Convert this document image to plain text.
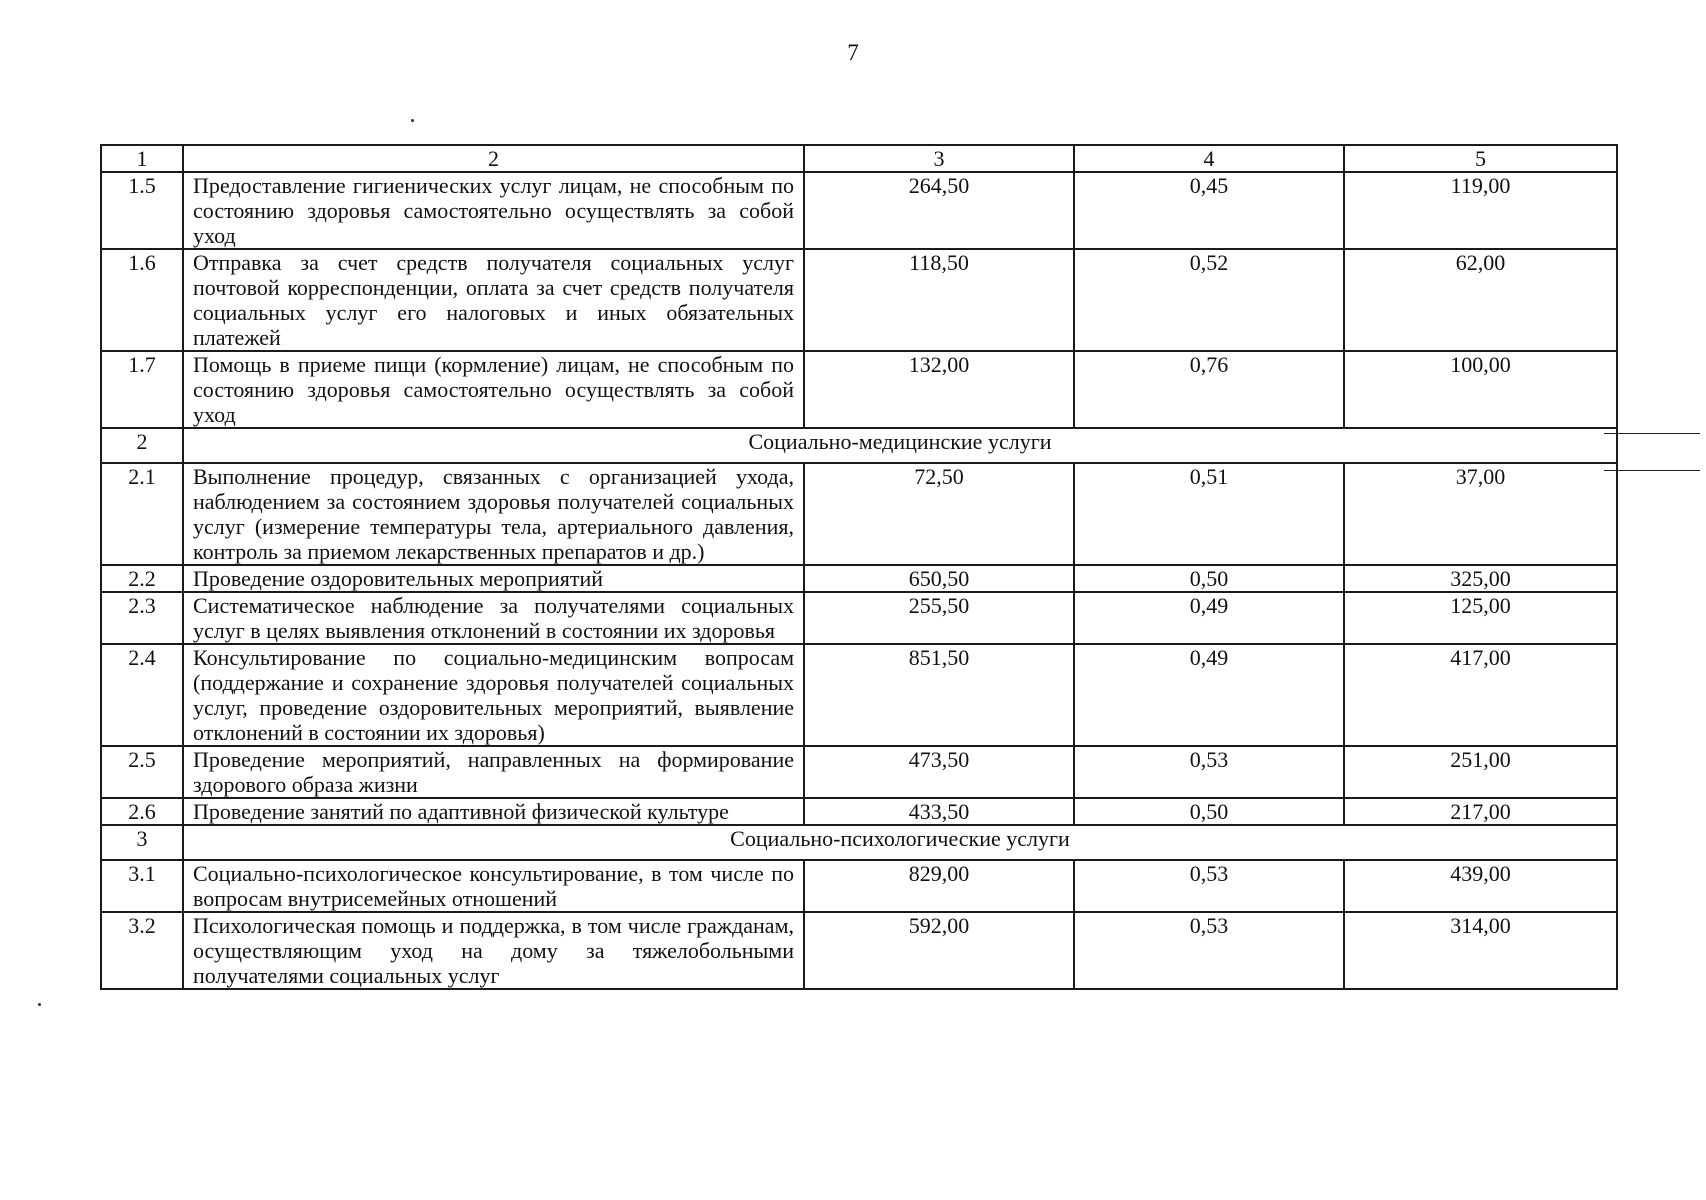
7
1	2	3	4	5
1.5	Предоставление гигиенических услуг лицам, не способным по состоянию здоровья самостоятельно осуществлять за собой уход	264,50	0,45	119,00
1.6	Отправка за счет средств получателя социальных услуг почтовой корреспонденции, оплата за счет средств получателя социальных услуг его налоговых и иных обязательных платежей	118,50	0,52	62,00
1.7	Помощь в приеме пищи (кормление) лицам, не способным по состоянию здоровья самостоятельно осуществлять за собой уход	132,00	0,76	100,00
2	Социально-медицинские услуги			
2.1	Выполнение процедур, связанных с организацией ухода, наблюдением за состоянием здоровья получателей социальных услуг (измерение температуры тела, артериального давления, контроль за приемом лекарственных препаратов и др.)	72,50	0,51	37,00
2.2	Проведение оздоровительных мероприятий	650,50	0,50	325,00
2.3	Систематическое наблюдение за получателями социальных услуг в целях выявления отклонений в состоянии их здоровья	255,50	0,49	125,00
2.4	Консультирование по социально-медицинским вопросам (поддержание и сохранение здоровья получателей социальных услуг, проведение оздоровительных мероприятий, выявление отклонений в состоянии их здоровья)	851,50	0,49	417,00
2.5	Проведение мероприятий, направленных на формирование здорового образа жизни	473,50	0,53	251,00
2.6	Проведение занятий по адаптивной физической культуре	433,50	0,50	217,00
3	Социально-психологические услуги			
3.1	Социально-психологическое консультирование, в том числе по вопросам внутрисемейных отношений	829,00	0,53	439,00
3.2	Психологическая помощь и поддержка, в том числе гражданам, осуществляющим уход на дому за тяжелобольными получателями социальных услуг	592,00	0,53	314,00
